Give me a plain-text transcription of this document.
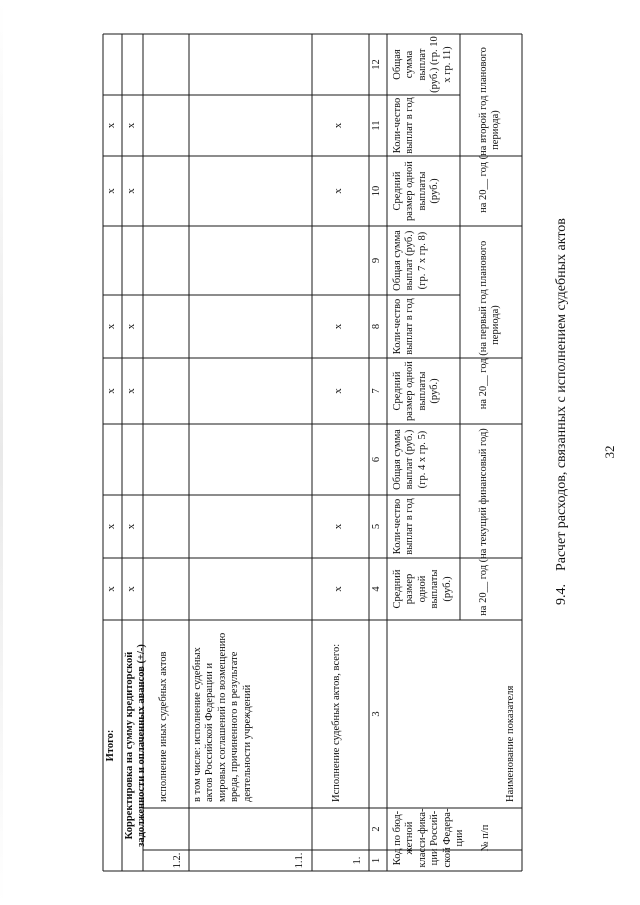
32
9.4.Расчет расходов, связанных с исполнением судебных актов
№ п/п
Код по бюд-жетной класси-фика-ции Россий-ской Федера-ции
Наименование показателя
на 20__ год (на текущий финансовый год)
на 20__ год (на первый год планового периода)
на 20__ год (на второй год планового периода)
Средний размер одной выплаты (руб.)
Коли-чество выплат в год
Общая сумма выплат (руб.) (гр. 4 х гр. 5)
Средний размер одной выплаты (руб.)
Коли-чество выплат в год
Общая сумма выплат (руб.) (гр. 7 х гр. 8)
Средний размер одной выплаты (руб.)
Коли-чество выплат в год
Общая сумма выплат (руб.) (гр. 10 х гр. 11)
1
2
3
4
5
6
7
8
9
10
11
12
1.
Исполнение судебных актов, всего:
х
х
х
х
х
х
1.1.
в том числе: исполнение судебных актов Российской Федерации и мировых соглашений по возмещению вреда, причиненного в результате деятельности учреждений
1.2.
исполнение иных судебных актов
Корректировка на сумму кредиторской задолженности и оплаченных авансов (+/-)
х
х
х
х
х
х
Итого:
х
х
х
х
х
х
